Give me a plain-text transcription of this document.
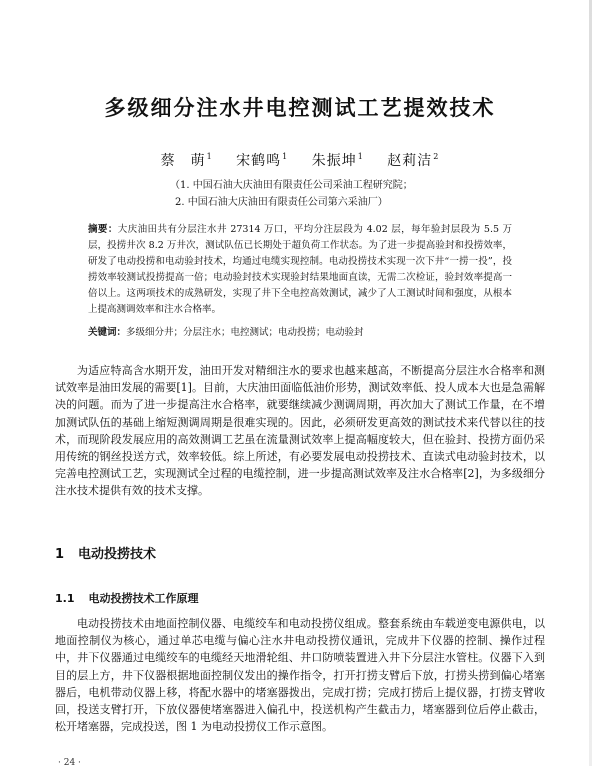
多级细分注水井电控测试工艺提效技术
蔡　萌$^1$ 宋鹤鸣$^1$ 朱振坤$^1$ 赵莉洁$^2$
（1. 中国石油大庆油田有限责任公司采油工程研究院；
2. 中国石油大庆油田有限责任公司第六采油厂）
摘要：大庆油田共有分层注水井 27314 万口，平均分注层段为 4.02 层，每年验封层段为 5.5 万层，投捞井次 8.2 万井次，测试队伍已长期处于超负荷工作状态。为了进一步提高验封和投捞效率，研发了电动投捞和电动验封技术，均通过电缆实现控制。电动投捞技术实现一次下井“一捞一投”，投捞效率较测试投捞提高一倍；电动验封技术实现验封结果地面直读，无需二次检证，验封效率提高一倍以上。这两项技术的成熟研发，实现了井下全电控高效测试，减少了人工测试时间和强度，从根本上提高测调效率和注水合格率。
关键词：多级细分井；分层注水；电控测试；电动投捞；电动验封

为适应特高含水期开发，油田开发对精细注水的要求也越来越高，不断提高分层注水合格率和测试效率是油田发展的需要[1]。目前，大庆油田面临低油价形势，测试效率低、投人成本大也是急需解决的问题。而为了进一步提高注水合格率，就要继续减少测调周期，再次加大了测试工作量，在不增加测试队伍的基础上缩短测调周期是很难实现的。因此，必须研发更高效的测试技术来代替以往的技术，而现阶段发展应用的高效测调工艺虽在流量测试效率上提高幅度较大，但在验封、投捞方面仍采用传统的钢丝投送方式，效率较低。综上所述，有必要发展电动投捞技术、直读式电动验封技术，以完善电控测试工艺，实现测试全过程的电缆控制，进一步提高测试效率及注水合格率[2]，为多级细分注水技术提供有效的技术支撑。

1 电动投捞技术
1.1 电动投捞技术工作原理

电动投捞技术由地面控制仪器、电缆绞车和电动投捞仪组成。整套系统由车载逆变电源供电，以地面控制仪为核心，通过单芯电缆与偏心注水井电动投捞仪通讯，完成井下仪器的控制、操作过程中，井下仪器通过电缆绞车的电缆经天地滑轮组、井口防喷装置进入井下分层注水管柱。仪器下入到目的层上方，井下仪器根据地面控制仪发出的操作指令，打开打捞支臂后下放，打捞头捞到偏心堵塞器后，电机带动仪器上移，将配水器中的堵塞器拨出，完成打捞；完成打捞后上提仪器，打捞支臂收回，投送支臂打开，下放仪器使堵塞器进入偏孔中，投送机构产生截击力，堵塞器到位后停止截击，松开堵塞器，完成投送，图 1 为电动投捞仪工作示意图。

· 24 ·
